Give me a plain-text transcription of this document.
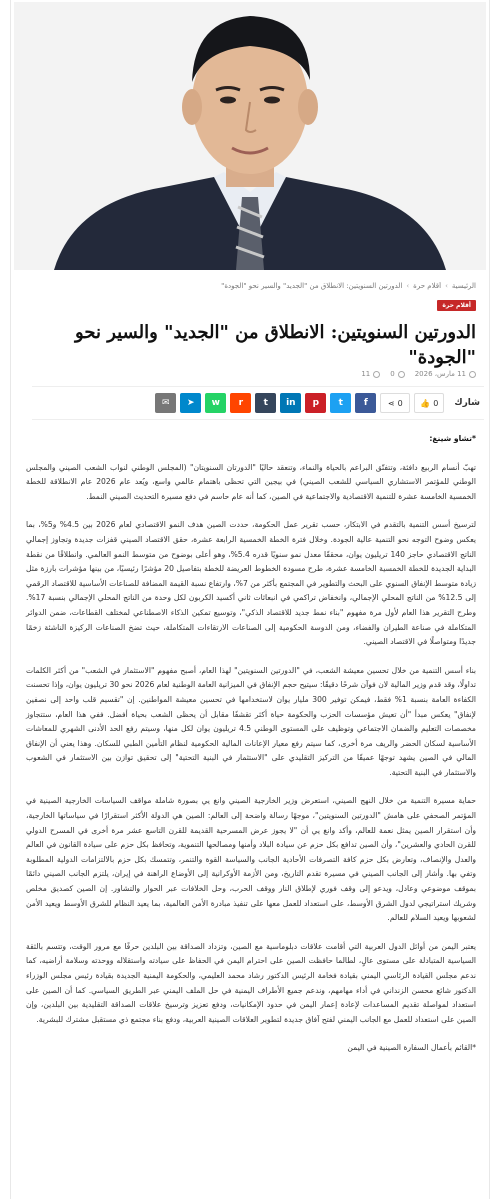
الرئيسية›أقلام حرة›الدورتين السنويتين: الانطلاق من "الجديد" والسير نحو "الجودة"
أقلام حرة
الدورتين السنويتين: الانطلاق من "الجديد" والسير نحو "الجودة"
11 مارس، 2026
0
11
شارك
👍 0
⋖ 0
f
t
p
in
t
r
w
➤
✉

*تشاو شينغ:

تهبّ أنسام الربيع دافئة، وتتفتّق البراعم بالحياة والنماء، وتنعقد حاليًا "الدورتان السنويتان" (المجلس الوطني لنواب الشعب الصيني والمجلس الوطني للمؤتمر الاستشاري السياسي للشعب الصيني) في بيجين التي تحظى باهتمام عالمي واسع، ويُعد عام 2026 عام الانطلاقة للخطة الخمسية الخامسة عشرة للتنمية الاقتصادية والاجتماعية في الصين، كما أنه عام حاسم في دفع مسيرة التحديث الصيني النمط.

لترسيخ أسس التنمية بالتقدم في الابتكار، حسب تقرير عمل الحكومة، حددت الصين هدف النمو الاقتصادي لعام 2026 بين 4.5% و5%، بما يعكس وضوح التوجه نحو التنمية عالية الجودة. وخلال فترة الخطة الخمسية الرابعة عشرة، حقق الاقتصاد الصيني قفزات جديدة وتجاوز إجمالي الناتج الاقتصادي حاجز 140 تريليون يوان، محققًا معدل نمو سنويًا قدره 5.4%، وهو أعلى بوضوح من متوسط النمو العالمي. وانطلاقًا من نقطة البداية الجديدة للخطة الخمسية الخامسة عشرة، طرح مسودة الخطوط العريضة للخطة بتفاصيل 20 مؤشرًا رئيسيًا، من بينها مؤشرات بارزة مثل زيادة متوسط الإنفاق السنوي على البحث والتطوير في المجتمع بأكثر من 7%، وارتفاع نسبة القيمة المضافة للصناعات الأساسية للاقتصاد الرقمي إلى 12.5% من الناتج المحلي الإجمالي، وانخفاض تراكمي في انبعاثات ثاني أكسيد الكربون لكل وحدة من الناتج المحلي الإجمالي بنسبة 17%. وطرح التقرير هذا العام لأول مرة مفهوم "بناء نمط جديد للاقتصاد الذكي"، وتوسيع تمكين الذكاء الاصطناعي لمختلف القطاعات، ضمن الدوائر المتكاملة في صناعة الطيران والفضاء، ومن الدوسة الحكومية إلى الصناعات الارتقاءات المتكاملة، حيث تضخ الصناعات الركيزة الناشئة زخمًا جديدًا ومتواصلًا في الاقتصاد الصيني.

بناء أسس التنمية من خلال تحسين معيشة الشعب، في "الدورتين السنويتين" لهذا العام، أصبح مفهوم "الاستثمار في الشعب" من أكثر الكلمات تداولًا، وقد قدم وزير المالية لان فوآن شرحًا دقيقًا: سيتيح حجم الإنفاق في الميزانية العامة الوطنية لعام 2026 نحو 30 تريليون يوان، وإذا تحسنت الكفاءة العامة بنسبة 1% فقط، فيمكن توفير 300 مليار يوان لاستخدامها في تحسين معيشة المواطنين. إن "تقسيم قلب واحد إلى نصفين لإنفاق" يعكس مبدأ "أن تعيش مؤسسات الحزب والحكومة حياة أكثر تقشفًا مقابل أن يحظى الشعب بحياة أفضل. ففي هذا العام، ستتجاوز مخصصات التعليم والضمان الاجتماعي وتوظيف على المستوى الوطني 4.5 تريليون يوان لكل منها، وسيتم رفع الحد الأدنى الشهري للمعاشات الأساسية لسكان الحضر والريف مرة أخرى، كما سيتم رفع معيار الإعانات المالية الحكومية لنظام التأمين الطبي للسكان. وهذا يعني أن الإنفاق المالي في الصين يشهد توجهًا عميقًا من التركيز التقليدي على "الاستثمار في البنية التحتية" إلى تحقيق توازن بين الاستثمار في الشعوب والاستثمار في البنية التحتية.

حماية مسيرة التنمية من خلال النهج الصيني، استعرض وزير الخارجية الصيني وانغ يي بصورة شاملة مواقف السياسات الخارجية الصينية في المؤتمر الصحفي على هامش "الدورتين السنويتين"، موجهًا رسالة واضحة إلى العالم: الصين هي الدولة الأكثر استقرارًا في سياساتها الخارجية، وأن استقرار الصين يمثل نعمة للعالم، وأكد وانغ يي أن "لا يجوز عرض المسرحية القديمة للقرن التاسع عشر مرة أخرى في المسرح الدولي للقرن الحادي والعشرين"، وأن الصين تدافع بكل حزم عن سيادة البلاد وأمنها ومصالحها التنموية، وتحافظ بكل حزم على سيادة القانون في العالم والعدل والإنصاف، وتعارض بكل حزم كافة التصرفات الأحادية الجانب والسياسة القوة والتنمر، وتتمسك بكل حزم بالالتزامات الدولية المطلوبة وتفي بها. وأشار إلى الجانب الصيني في مسيرة تقدم التاريخ، ومن الأزمة الأوكرانية إلى الأوضاع الراهنة في إيران، يلتزم الجانب الصيني دائمًا بموقف موضوعي وعادل، ويدعو إلى وقف فوري لإطلاق النار ووقف الحرب، وحل الخلافات عبر الحوار والتشاور. إن الصين كصديق مخلص وشريك استراتيجي لدول الشرق الأوسط، على استعداد للعمل معها على تنفيذ مبادرة الأمن العالمية، بما يعيد النظام للشرق الأوسط ويعيد الأمن لشعوبها ويعيد السلام للعالم.

يعتبر اليمن من أوائل الدول العربية التي أقامت علاقات دبلوماسية مع الصين، وتزداد الصداقة بين البلدين حرفًا مع مرور الوقت، وتتسم بالثقة السياسية المتبادلة على مستوى عالٍ، لطالما حافظت الصين على احترام اليمن في الحفاظ على سيادته واستقلاله ووحدته وسلامة أراضيه، كما ندعم مجلس القيادة الرئاسي اليمني بقيادة فخامة الرئيس الدكتور رشاد محمد العليمي، والحكومة اليمنية الجديدة بقيادة رئيس مجلس الوزراء الدكتور شائع محسن الزنداني في أداء مهامهم، وندعم جميع الأطراف اليمنية في حل الملف اليمني عبر الطريق السياسي. كما أن الصين على استعداد لمواصلة تقديم المساعدات لإعادة إعمار اليمن في حدود الإمكانيات، ودفع تعزيز وترسيخ علاقات الصداقة التقليدية بين البلدين، وإن الصين على استعداد للعمل مع الجانب اليمني لفتح آفاق جديدة لتطوير العلاقات الصينية العربية، ودفع بناء مجتمع ذي مستقبل مشترك للبشرية.

*القائم بأعمال السفارة الصينية في اليمن
